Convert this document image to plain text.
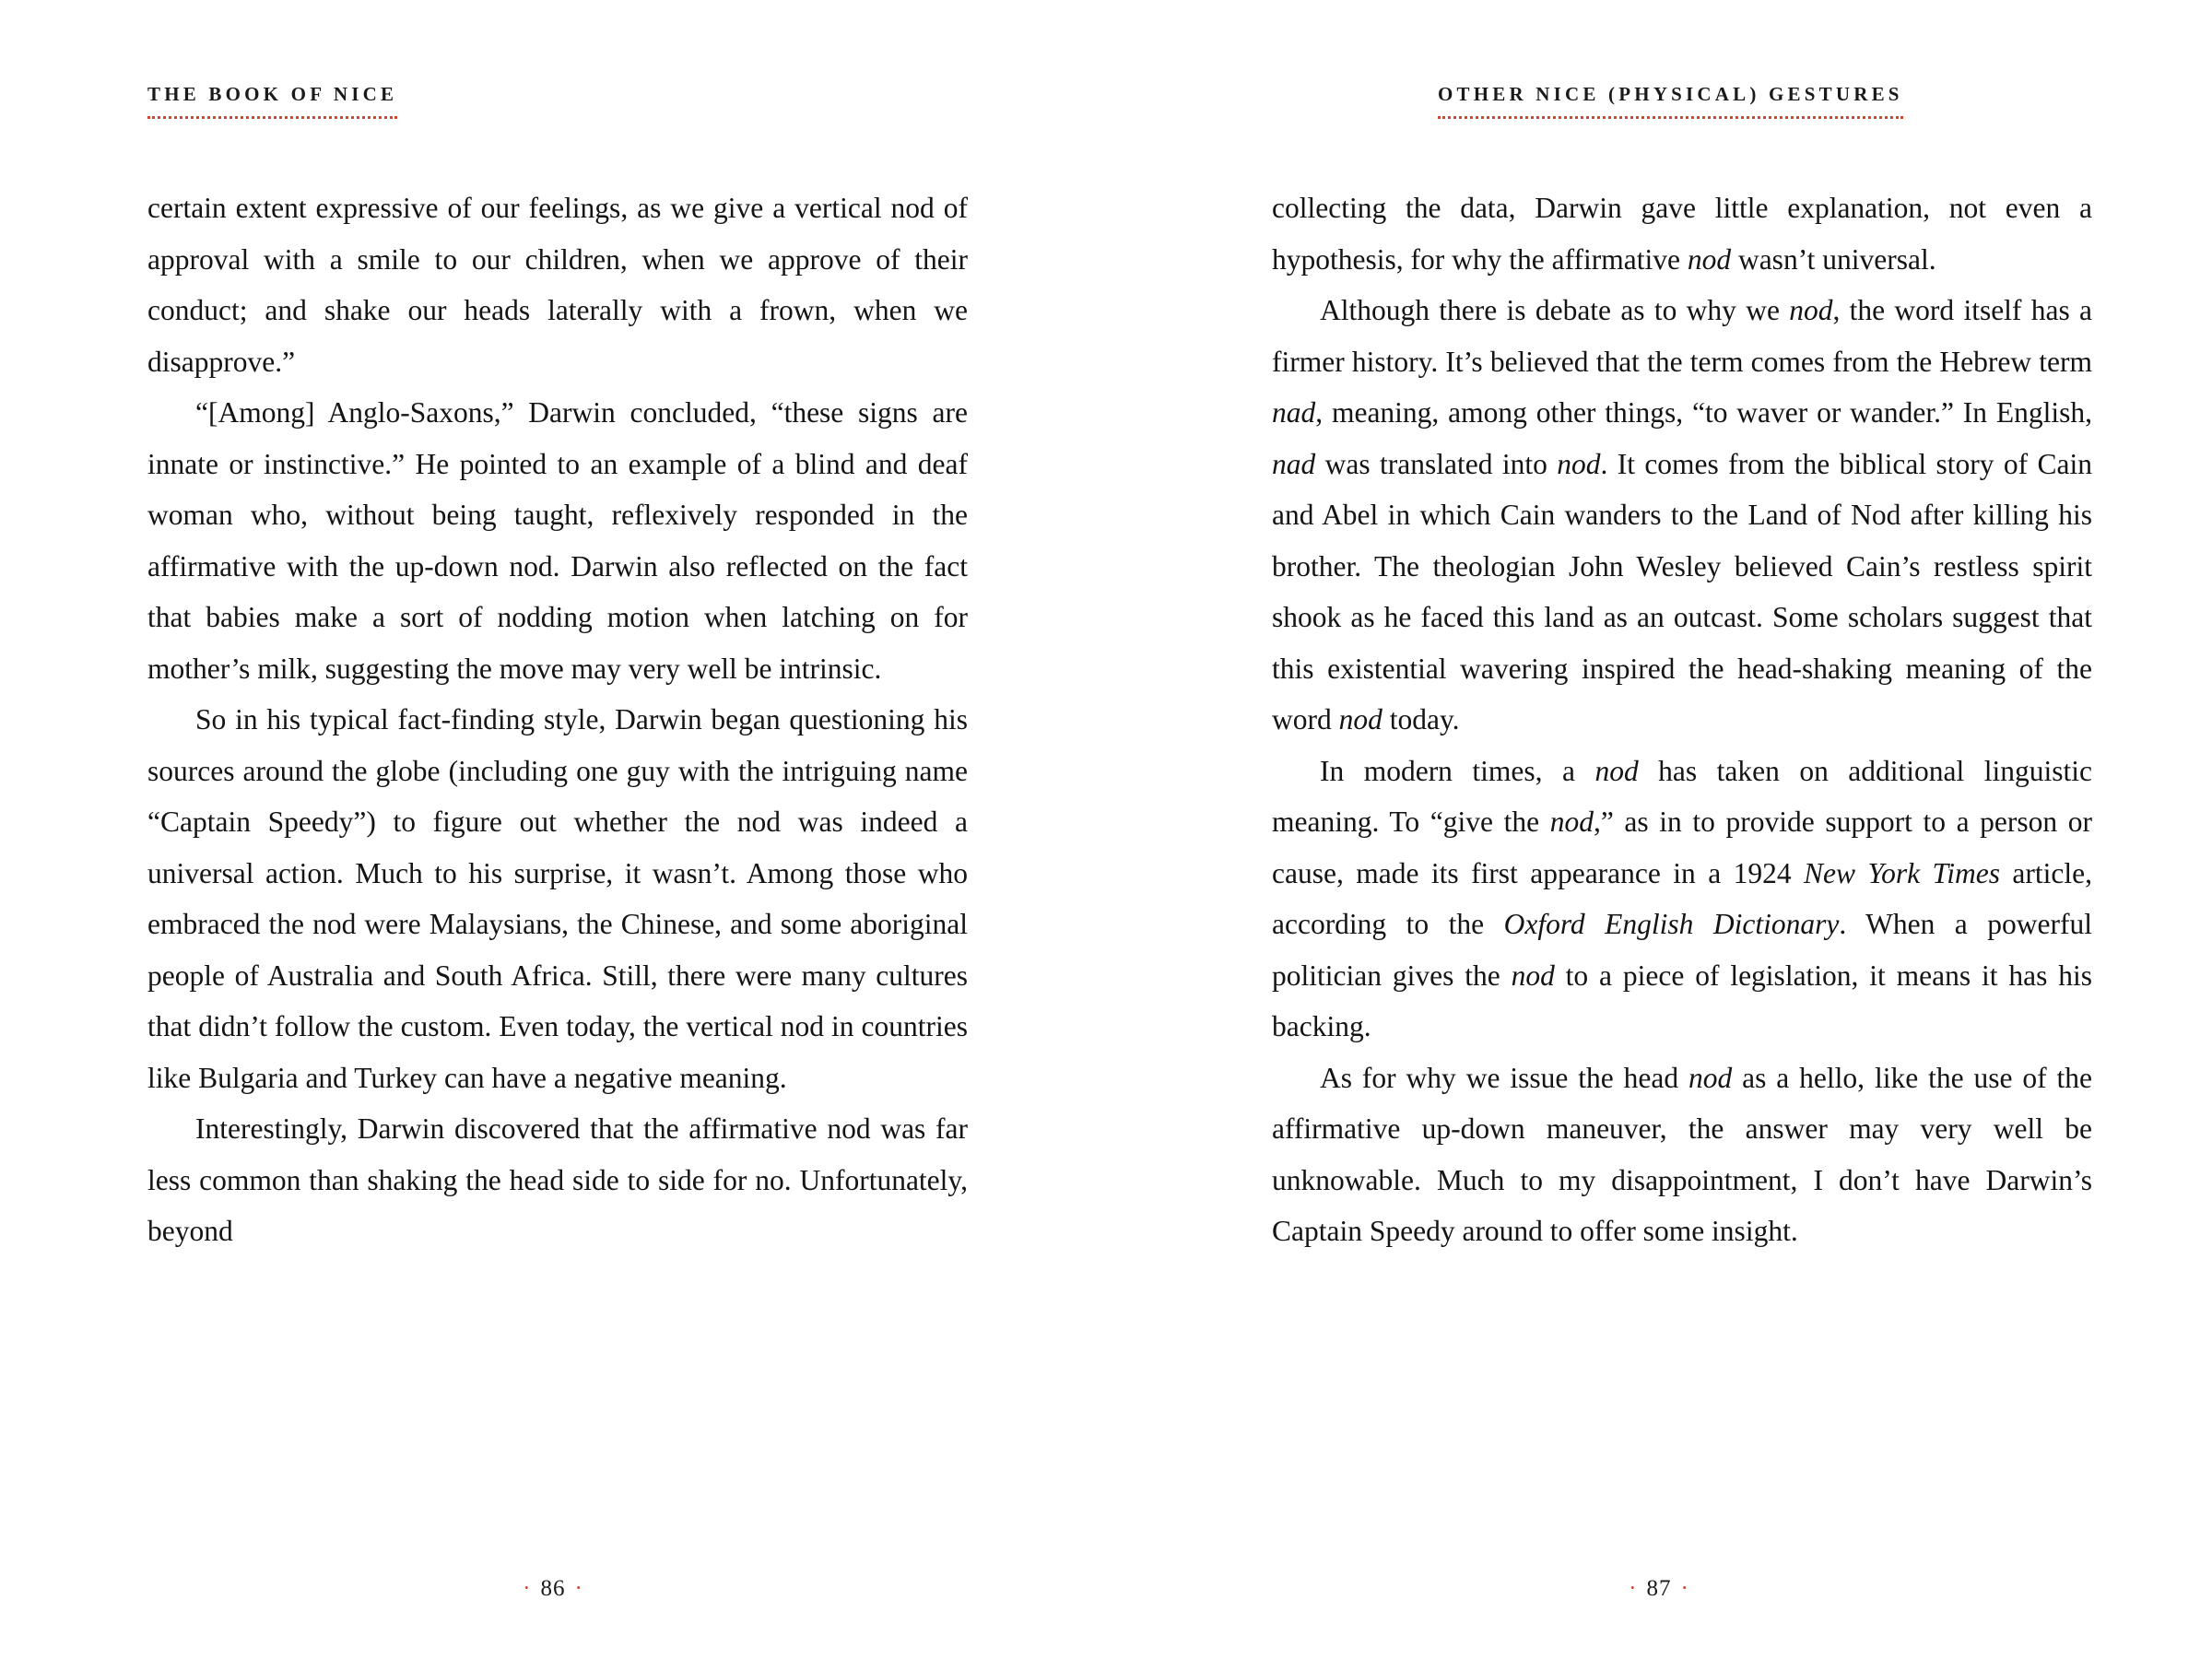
THE BOOK OF NICE

certain extent expressive of our feelings, as we give a vertical nod of approval with a smile to our children, when we approve of their conduct; and shake our heads laterally with a frown, when we disapprove.”

“[Among] Anglo-Saxons,” Darwin concluded, “these signs are innate or instinctive.” He pointed to an example of a blind and deaf woman who, without being taught, reflexively responded in the affirmative with the up-down nod. Darwin also reflected on the fact that babies make a sort of nodding motion when latching on for mother’s milk, suggesting the move may very well be intrinsic.

So in his typical fact-finding style, Darwin began questioning his sources around the globe (including one guy with the intriguing name “Captain Speedy”) to figure out whether the nod was indeed a universal action. Much to his surprise, it wasn’t. Among those who embraced the nod were Malaysians, the Chinese, and some aboriginal people of Australia and South Africa. Still, there were many cultures that didn’t follow the custom. Even today, the vertical nod in countries like Bulgaria and Turkey can have a negative meaning.

Interestingly, Darwin discovered that the affirmative nod was far less common than shaking the head side to side for no. Unfortunately, beyond

· 86 ·
OTHER NICE (PHYSICAL) GESTURES

collecting the data, Darwin gave little explanation, not even a hypothesis, for why the affirmative nod wasn’t universal.

Although there is debate as to why we nod, the word itself has a firmer history. It’s believed that the term comes from the Hebrew term nad, meaning, among other things, “to waver or wander.” In English, nad was translated into nod. It comes from the biblical story of Cain and Abel in which Cain wanders to the Land of Nod after killing his brother. The theologian John Wesley believed Cain’s restless spirit shook as he faced this land as an outcast. Some scholars suggest that this existential wavering inspired the head-shaking meaning of the word nod today.

In modern times, a nod has taken on additional linguistic meaning. To “give the nod,” as in to provide support to a person or cause, made its first appearance in a 1924 New York Times article, according to the Oxford English Dictionary. When a powerful politician gives the nod to a piece of legislation, it means it has his backing.

As for why we issue the head nod as a hello, like the use of the affirmative up-down maneuver, the answer may very well be unknowable. Much to my disappointment, I don’t have Darwin’s Captain Speedy around to offer some insight.

· 87 ·
